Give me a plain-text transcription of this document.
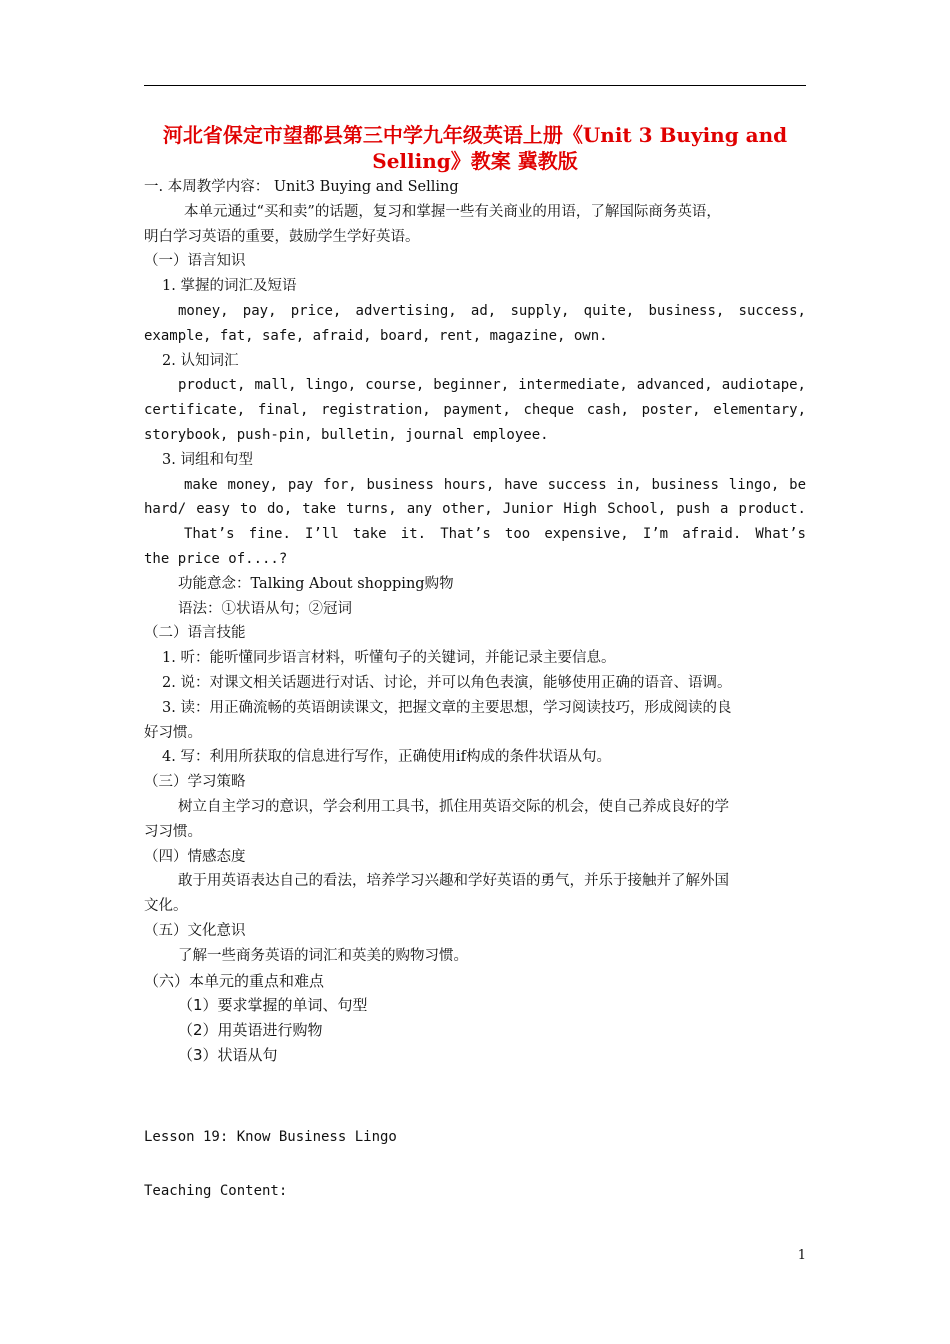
河北省保定市望都县第三中学九年级英语上册《Unit 3 Buying and
Selling》教案 冀教版
一. 本周教学内容： Unit3 Buying and Selling
本单元通过“买和卖”的话题，复习和掌握一些有关商业的用语，了解国际商务英语，
明白学习英语的重要，鼓励学生学好英语。
（一）语言知识
1. 掌握的词汇及短语
money, pay, price, advertising, ad, supply, quite, business, success,
example, fat, safe, afraid, board, rent, magazine, own.
2. 认知词汇
product, mall, lingo, course, beginner, intermediate, advanced, audiotape,
certificate, final, registration, payment, cheque cash, poster, elementary,
storybook, push-pin, bulletin, journal employee.
3. 词组和句型
make money, pay for, business hours, have success in, business lingo, be
hard/ easy to do, take turns, any other, Junior High School, push a product.
That’s fine. I’ll take it. That’s too expensive, I’m afraid. What’s
the price of....?
功能意念：Talking About shopping购物
语法：①状语从句；②冠词
（二）语言技能
1. 听：能听懂同步语言材料，听懂句子的关键词，并能记录主要信息。
2. 说：对课文相关话题进行对话、讨论，并可以角色表演，能够使用正确的语音、语调。
3. 读：用正确流畅的英语朗读课文，把握文章的主要思想，学习阅读技巧，形成阅读的良
好习惯。
4. 写：利用所获取的信息进行写作，正确使用if构成的条件状语从句。
（三）学习策略
树立自主学习的意识，学会利用工具书，抓住用英语交际的机会，使自己养成良好的学
习习惯。
（四）情感态度
敢于用英语表达自己的看法，培养学习兴趣和学好英语的勇气，并乐于接触并了解外国
文化。
（五）文化意识
了解一些商务英语的词汇和英美的购物习惯。
（六）本单元的重点和难点
（1）要求掌握的单词、句型
（2）用英语进行购物
（3）状语从句
Lesson 19: Know Business Lingo
Teaching Content:
1
